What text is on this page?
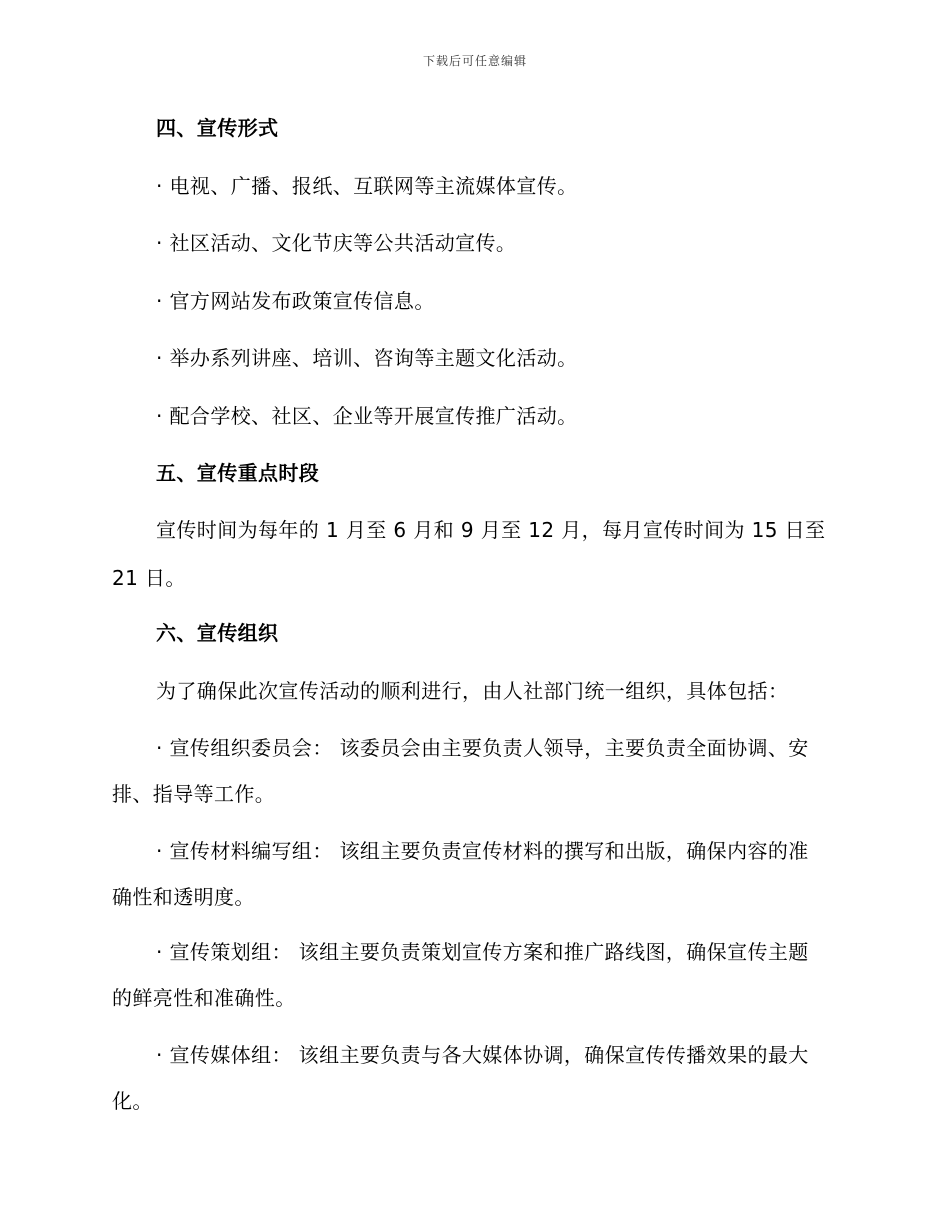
下载后可任意编辑
四、宣传形式
· 电视、广播、报纸、互联网等主流媒体宣传。
· 社区活动、文化节庆等公共活动宣传。
· 官方网站发布政策宣传信息。
· 举办系列讲座、培训、咨询等主题文化活动。
· 配合学校、社区、企业等开展宣传推广活动。
五、宣传重点时段
宣传时间为每年的 1 月至 6 月和 9 月至 12 月，每月宣传时间为 15 日至 21 日。
六、宣传组织
为了确保此次宣传活动的顺利进行，由人社部门统一组织，具体包括：
· 宣传组织委员会： 该委员会由主要负责人领导，主要负责全面协调、安排、指导等工作。
· 宣传材料编写组： 该组主要负责宣传材料的撰写和出版，确保内容的准确性和透明度。
· 宣传策划组： 该组主要负责策划宣传方案和推广路线图，确保宣传主题的鲜亮性和准确性。
· 宣传媒体组： 该组主要负责与各大媒体协调，确保宣传传播效果的最大化。
